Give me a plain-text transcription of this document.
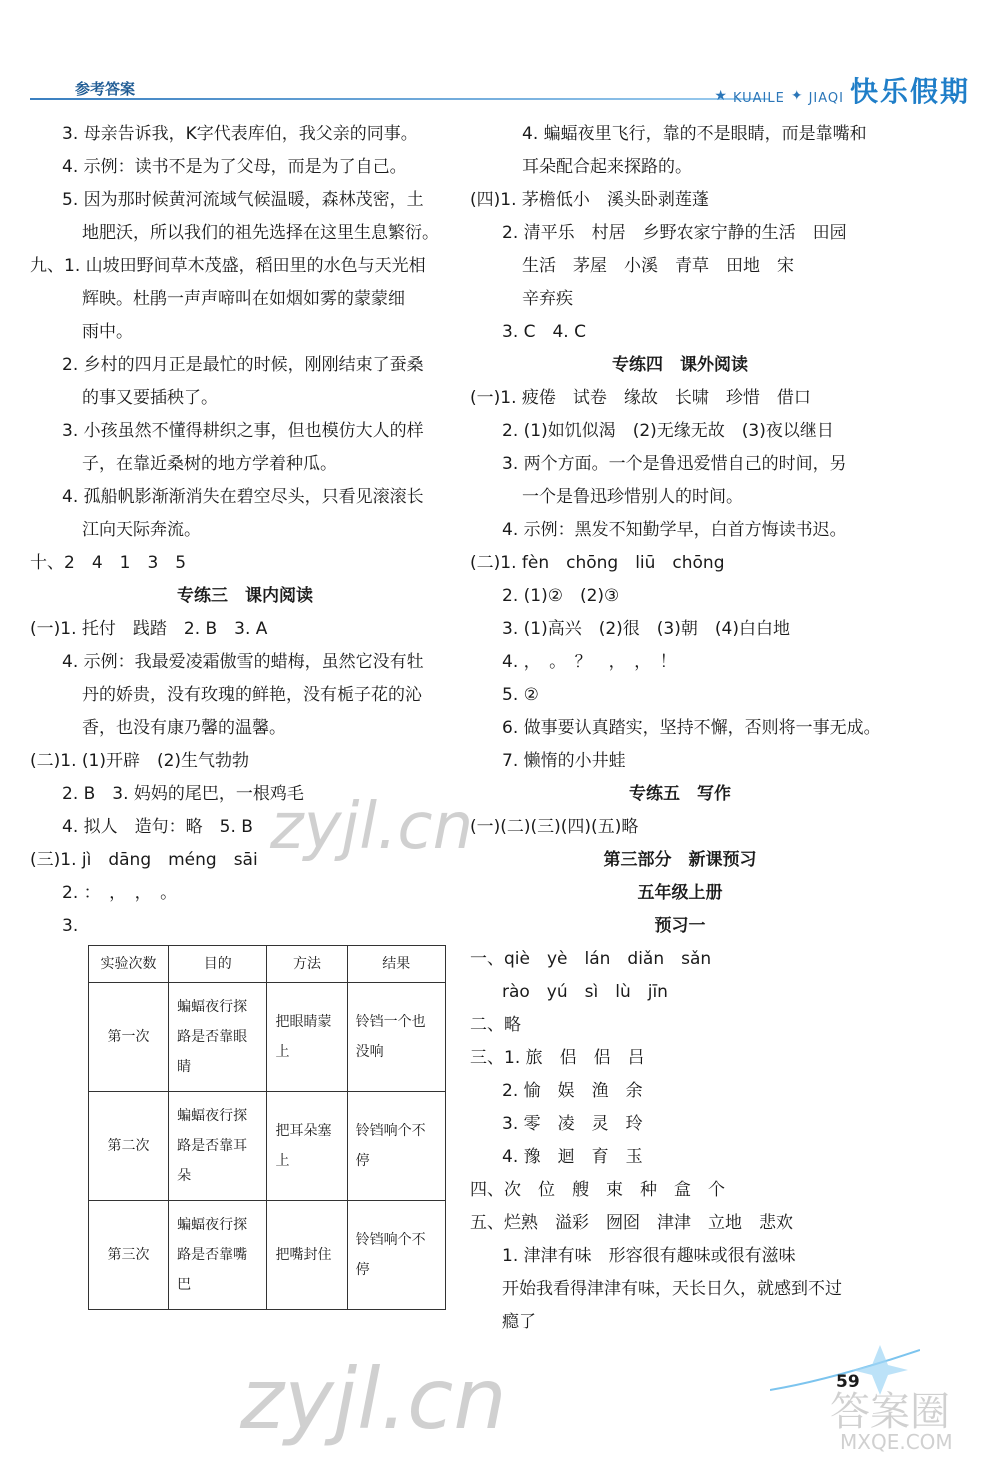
参考答案	★ KUAILE ✦ JIAQI 快乐假期
3. 母亲告诉我，K字代表库伯，我父亲的同事。
4. 示例：读书不是为了父母，而是为了自己。
5. 因为那时候黄河流域气候温暖，森林茂密，土
地肥沃，所以我们的祖先选择在这里生息繁衍。
九、1. 山坡田野间草木茂盛，稻田里的水色与天光相
辉映。杜鹃一声声啼叫在如烟如雾的蒙蒙细
雨中。
2. 乡村的四月正是最忙的时候，刚刚结束了蚕桑
的事又要插秧了。
3. 小孩虽然不懂得耕织之事，但也模仿大人的样
子，在靠近桑树的地方学着种瓜。
4. 孤船帆影渐渐消失在碧空尽头，只看见滚滚长
江向天际奔流。
十、2　4　1　3　5
专练三　课内阅读
(一)1. 托付　践踏　2. B　3. A
4. 示例：我最爱凌霜傲雪的蜡梅，虽然它没有牡
丹的娇贵，没有玫瑰的鲜艳，没有栀子花的沁
香，也没有康乃馨的温馨。
(二)1. (1)开辟　(2)生气勃勃
2. B　3. 妈妈的尾巴，一根鸡毛
4. 拟人　造句：略　5. B
(三)1. jì　dāng　méng　sāi
2. ：　，　，　。
3.
实验次数	目的	方法	结果
第一次	蝙蝠夜行探路是否靠眼睛	把眼睛蒙上	铃铛一个也没响
第二次	蝙蝠夜行探路是否靠耳朵	把耳朵塞上	铃铛响个不停
第三次	蝙蝠夜行探路是否靠嘴巴	把嘴封住	铃铛响个不停
4. 蝙蝠夜里飞行，靠的不是眼睛，而是靠嘴和
耳朵配合起来探路的。
(四)1. 茅檐低小　溪头卧剥莲蓬
2. 清平乐　村居　乡野农家宁静的生活　田园
生活　茅屋　小溪　青草　田地　宋
辛弃疾
3. C　4. C
专练四　课外阅读
(一)1. 疲倦　试卷　缘故　长啸　珍惜　借口
2. (1)如饥似渴　(2)无缘无故　(3)夜以继日
3. 两个方面。一个是鲁迅爱惜自己的时间，另
一个是鲁迅珍惜别人的时间。
4. 示例：黑发不知勤学早，白首方悔读书迟。
(二)1. fèn　chōng　liū　chōng
2. (1)②　(2)③
3. (1)高兴　(2)很　(3)朝　(4)白白地
4. ，　。　？　，　，　！
5. ②
6. 做事要认真踏实，坚持不懈，否则将一事无成。
7. 懒惰的小井蛙
专练五　写作
(一)(二)(三)(四)(五)略
第三部分　新课预习
五年级上册
预习一
一、qiè　yè　lán　diǎn　sǎn
rào　yú　sì　lù　jīn
二、略
三、1. 旅　侣　侣　吕
2. 愉　娱　渔　余
3. 零　凌　灵　玲
4. 豫　迴　育　玉
四、次　位　艘　束　种　盒　个
五、烂熟　溢彩　囫囵　津津　立地　悲欢
1. 津津有味　形容很有趣味或很有滋味
开始我看得津津有味，天长日久，就感到不过
瘾了
59
zyjl.cn
zyjl.cn	答案圈
MXQE.COM
